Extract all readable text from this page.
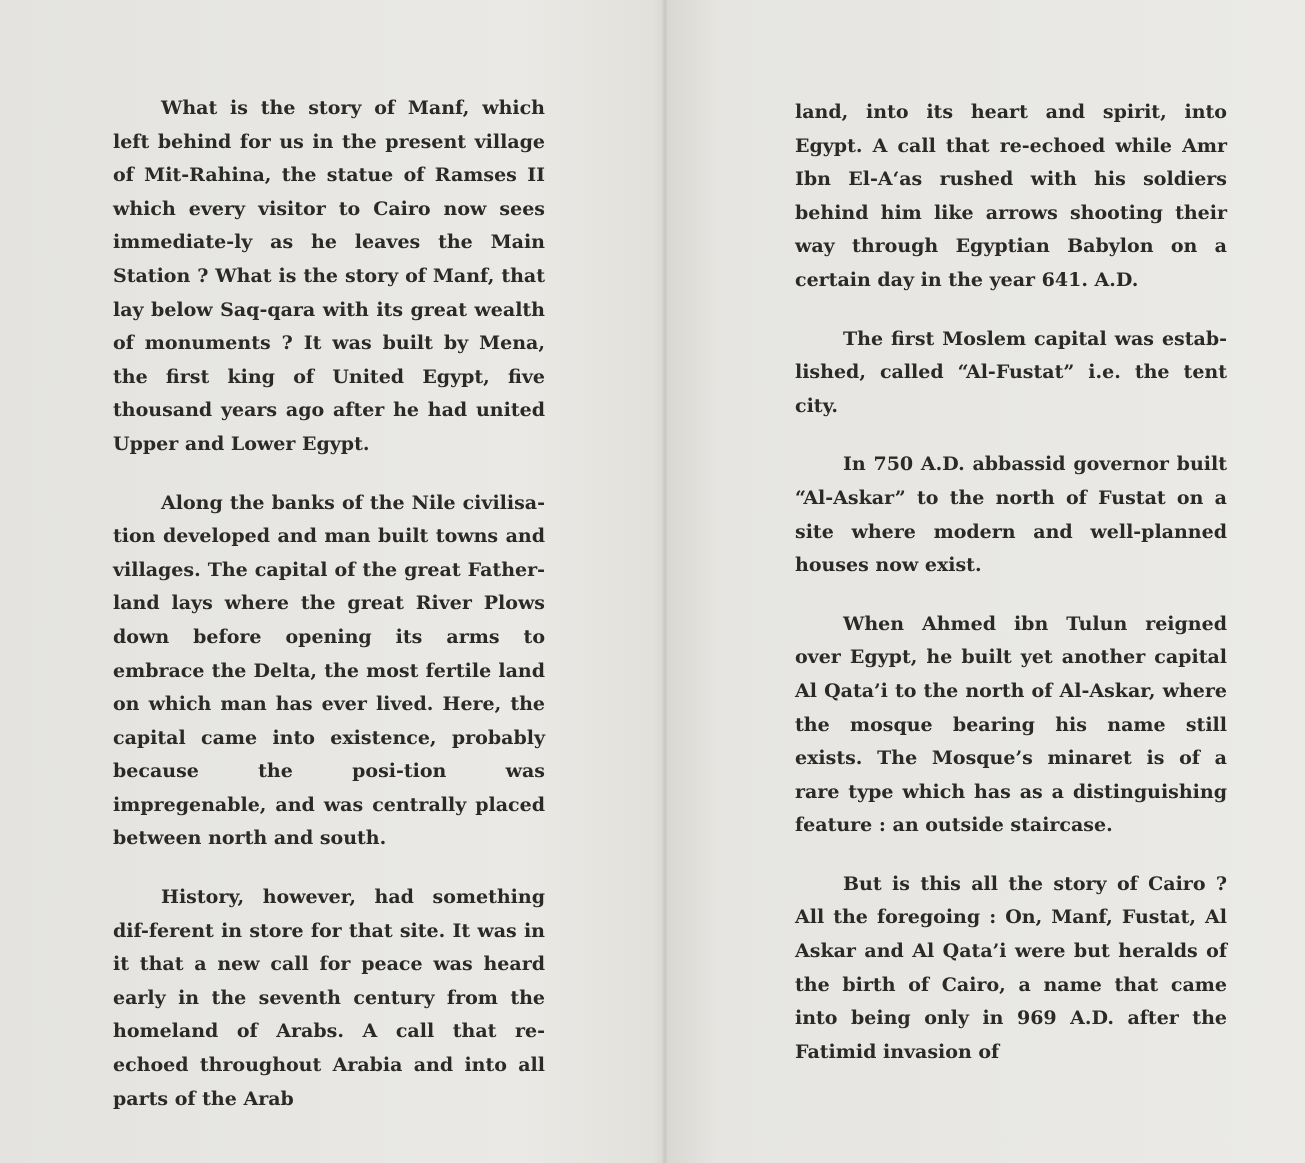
What is the story of Manf, which left behind for us in the present village of Mit-Rahina, the statue of Ramses II which every visitor to Cairo now sees immediate-ly as he leaves the Main Station ? What is the story of Manf, that lay below Saq-qara with its great wealth of monuments ? It was built by Mena, the first king of United Egypt, five thousand years ago after he had united Upper and Lower Egypt.

Along the banks of the Nile civilisa-tion developed and man built towns and villages. The capital of the great Father-land lays where the great River Plows down before opening its arms to embrace the Delta, the most fertile land on which man has ever lived. Here, the capital came into existence, probably because the posi-tion was impregenable, and was centrally placed between north and south.

History, however, had something dif-ferent in store for that site. It was in it that a new call for peace was heard early in the seventh century from the homeland of Arabs. A call that re-echoed throughout Arabia and into all parts of the Arab

land, into its heart and spirit, into Egypt. A call that re-echoed while Amr Ibn El-A‘as rushed with his soldiers behind him like arrows shooting their way through Egyptian Babylon on a certain day in the year 641. A.D.

The first Moslem capital was estab-lished, called “Al-Fustat” i.e. the tent city.

In 750 A.D. abbassid governor built “Al-Askar” to the north of Fustat on a site where modern and well-planned houses now exist.

When Ahmed ibn Tulun reigned over Egypt, he built yet another capital Al Qata’i to the north of Al-Askar, where the mosque bearing his name still exists. The Mosque’s minaret is of a rare type which has as a distinguishing feature : an outside staircase.

But is this all the story of Cairo ? All the foregoing : On, Manf, Fustat, Al Askar and Al Qata’i were but heralds of the birth of Cairo, a name that came into being only in 969 A.D. after the Fatimid invasion of
